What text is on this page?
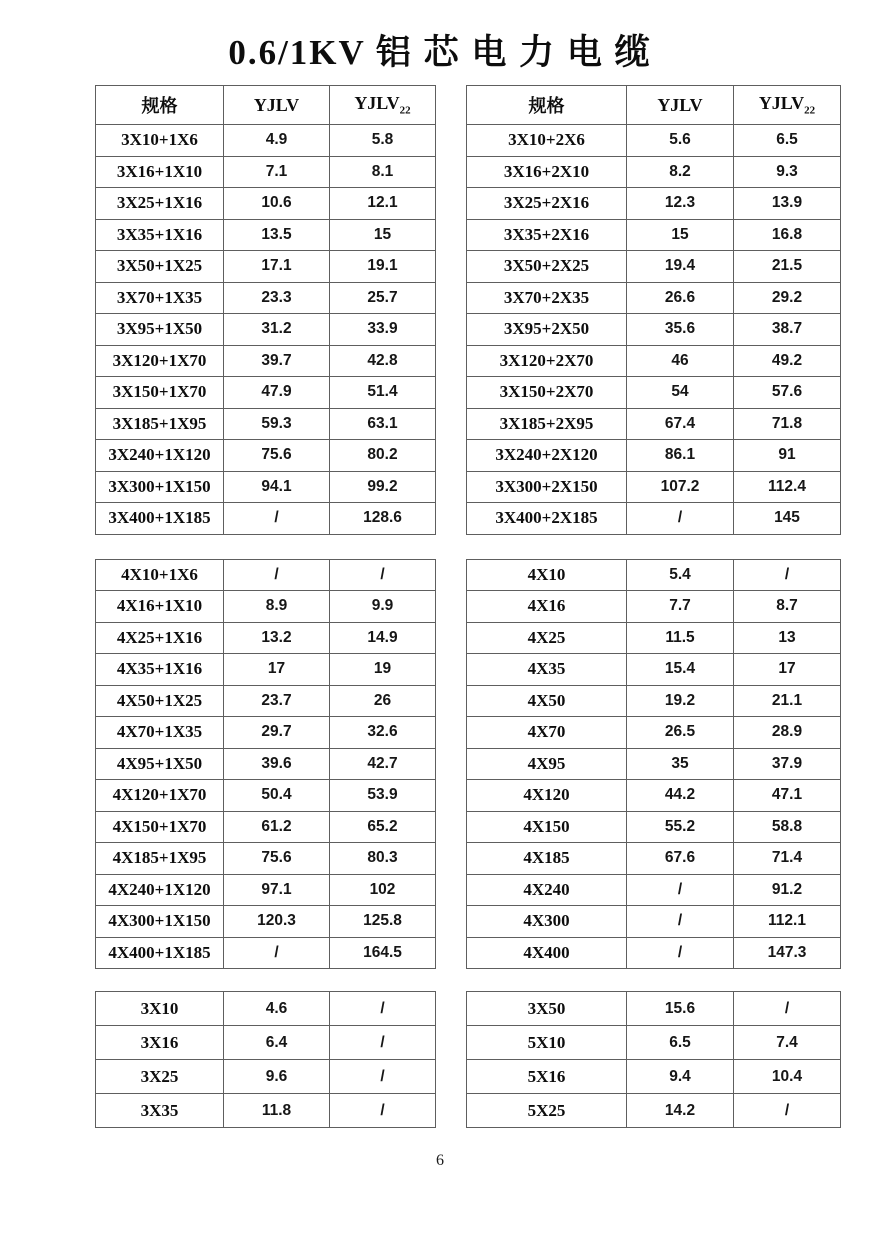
0.6/1KV 铝 芯 电 力 电 缆
规格	YJLV	$YJLV_{22}$
3X10+1X6	4.9	5.8
3X16+1X10	7.1	8.1
3X25+1X16	10.6	12.1
3X35+1X16	13.5	15
3X50+1X25	17.1	19.1
3X70+1X35	23.3	25.7
3X95+1X50	31.2	33.9
3X120+1X70	39.7	42.8
3X150+1X70	47.9	51.4
3X185+1X95	59.3	63.1
3X240+1X120	75.6	80.2
3X300+1X150	94.1	99.2
3X400+1X185	/	128.6
4X10+1X6	/	/
4X16+1X10	8.9	9.9
4X25+1X16	13.2	14.9
4X35+1X16	17	19
4X50+1X25	23.7	26
4X70+1X35	29.7	32.6
4X95+1X50	39.6	42.7
4X120+1X70	50.4	53.9
4X150+1X70	61.2	65.2
4X185+1X95	75.6	80.3
4X240+1X120	97.1	102
4X300+1X150	120.3	125.8
4X400+1X185	/	164.5
3X10	4.6	/
3X16	6.4	/
3X25	9.6	/
3X35	11.8	/
规格	YJLV	$YJLV_{22}$
3X10+2X6	5.6	6.5
3X16+2X10	8.2	9.3
3X25+2X16	12.3	13.9
3X35+2X16	15	16.8
3X50+2X25	19.4	21.5
3X70+2X35	26.6	29.2
3X95+2X50	35.6	38.7
3X120+2X70	46	49.2
3X150+2X70	54	57.6
3X185+2X95	67.4	71.8
3X240+2X120	86.1	91
3X300+2X150	107.2	112.4
3X400+2X185	/	145
4X10	5.4	/
4X16	7.7	8.7
4X25	11.5	13
4X35	15.4	17
4X50	19.2	21.1
4X70	26.5	28.9
4X95	35	37.9
4X120	44.2	47.1
4X150	55.2	58.8
4X185	67.6	71.4
4X240	/	91.2
4X300	/	112.1
4X400	/	147.3
3X50	15.6	/
5X10	6.5	7.4
5X16	9.4	10.4
5X25	14.2	/
6
